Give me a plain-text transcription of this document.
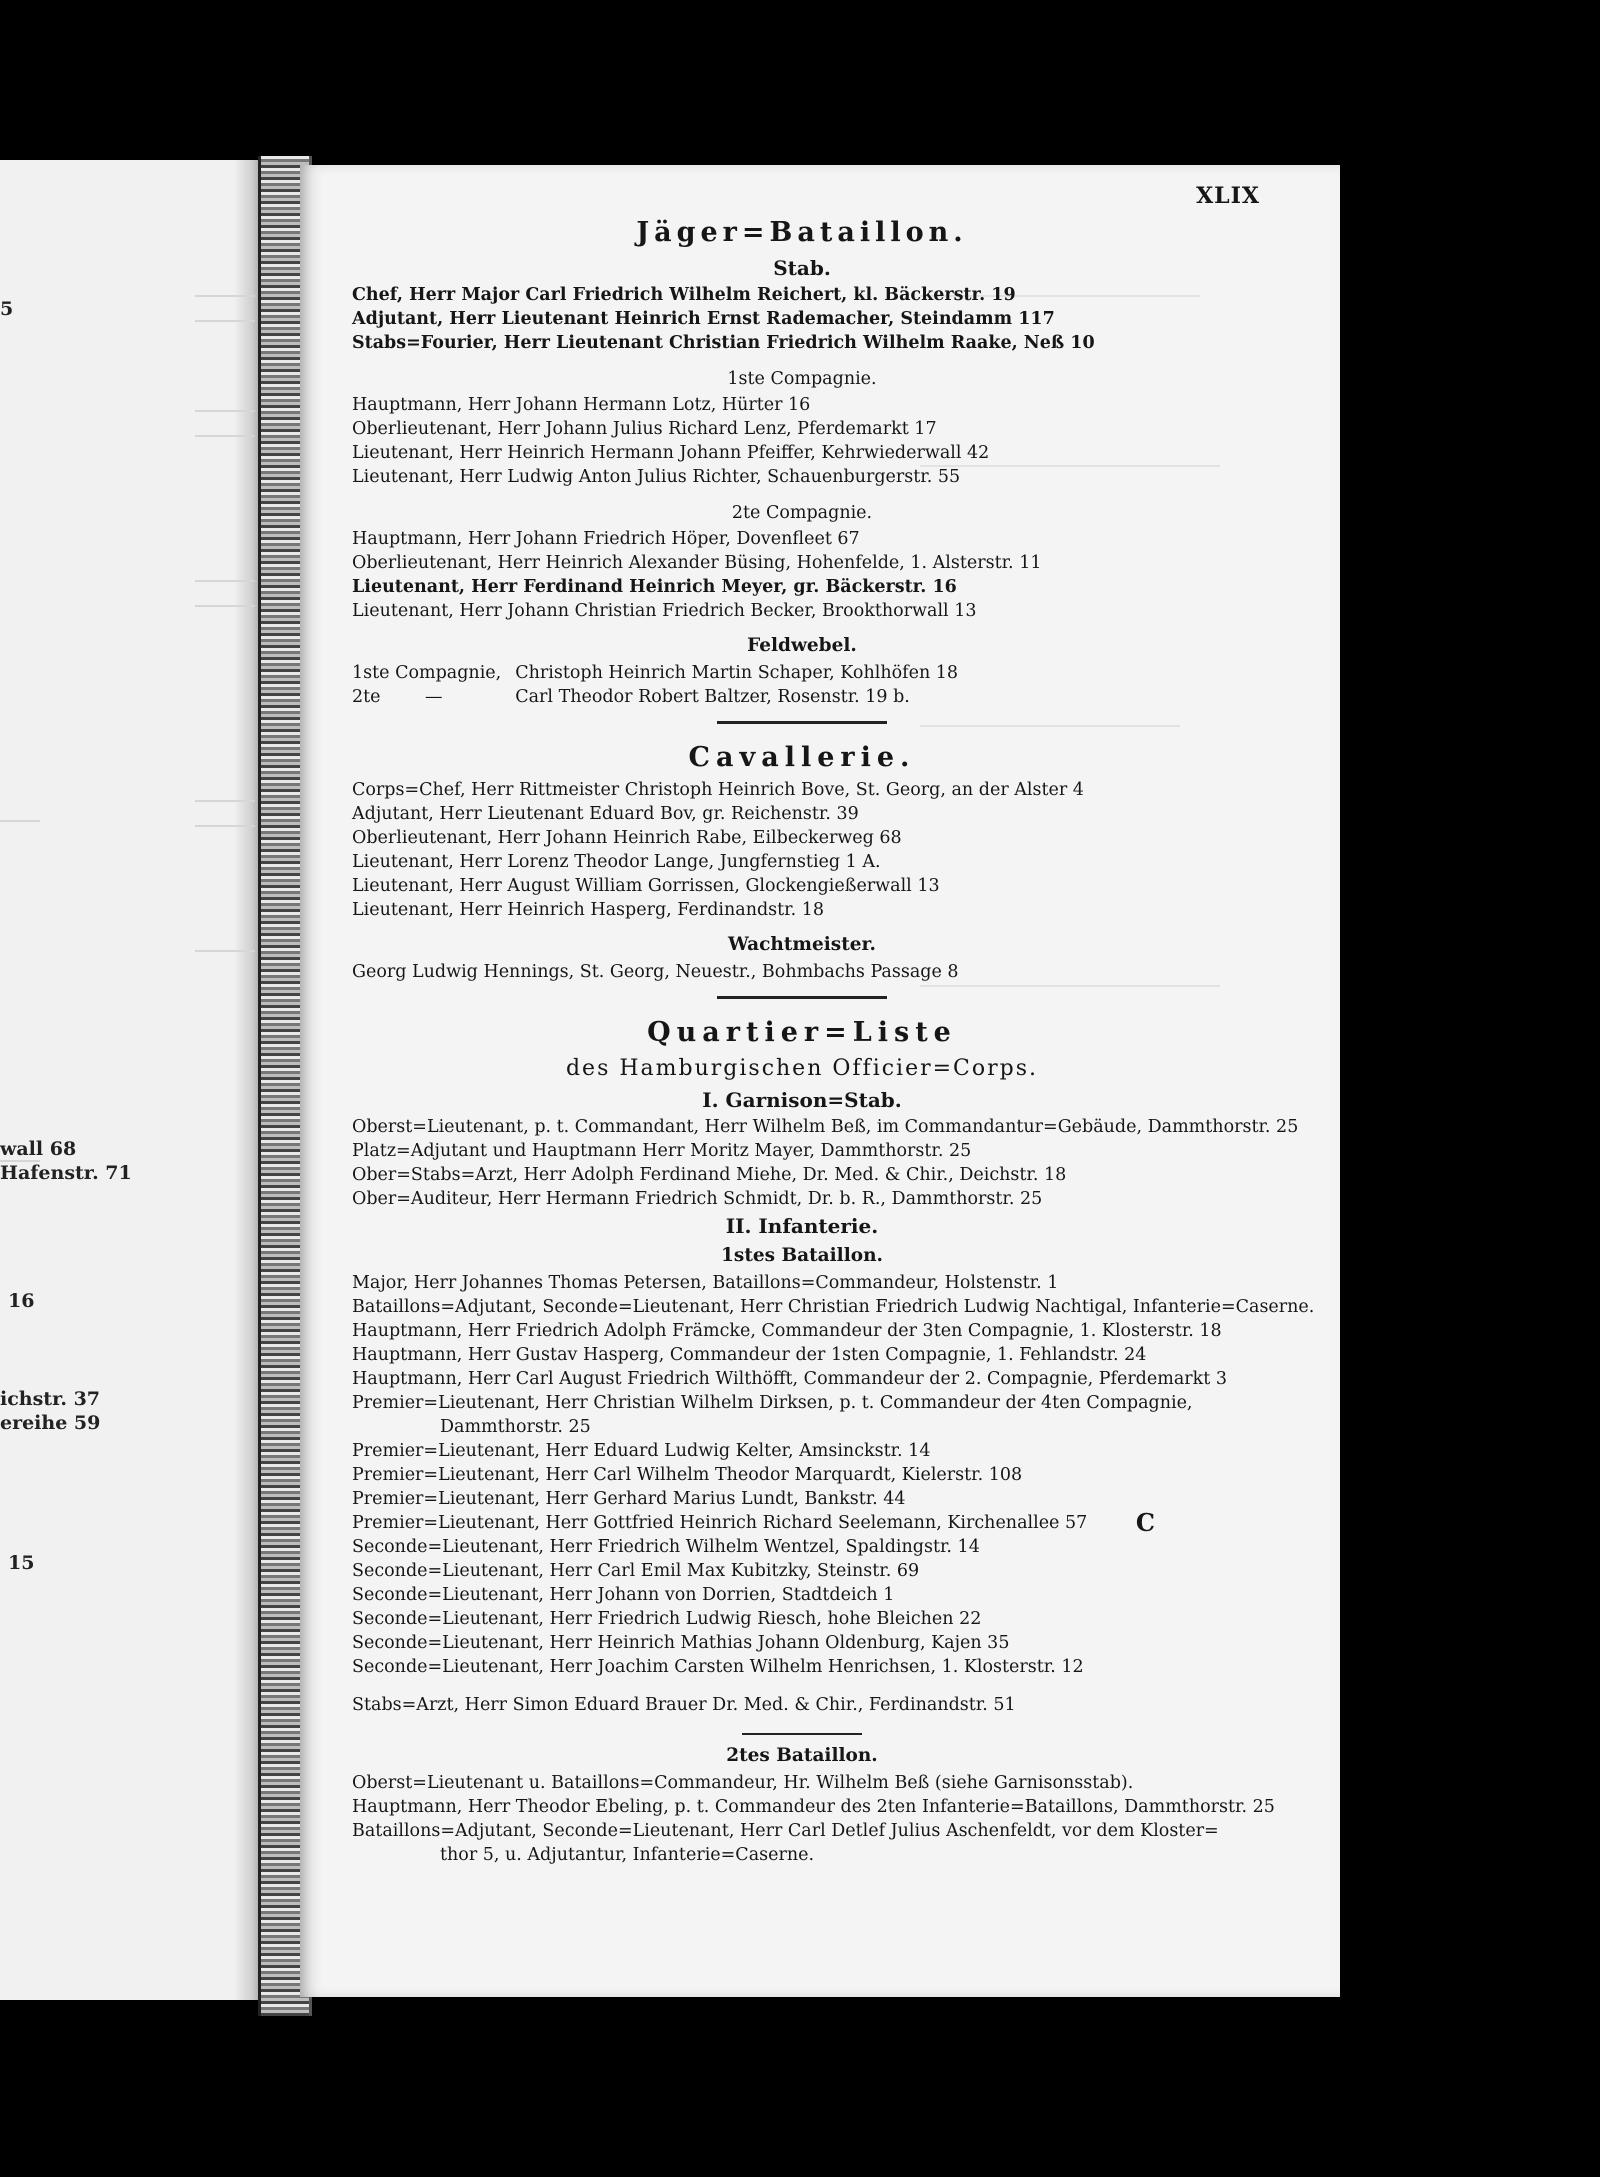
5
wall 68
Hafenstr. 71
16
ichstr. 37
ereihe 59
15
XLIX
Jäger=Bataillon.
Stab.
Chef, Herr Major Carl Friedrich Wilhelm Reichert, kl. Bäckerstr. 19
Adjutant, Herr Lieutenant Heinrich Ernst Rademacher, Steindamm 117
Stabs=Fourier, Herr Lieutenant Christian Friedrich Wilhelm Raake, Neß 10
1ste Compagnie.
Hauptmann, Herr Johann Hermann Lotz, Hürter 16
Oberlieutenant, Herr Johann Julius Richard Lenz, Pferdemarkt 17
Lieutenant, Herr Heinrich Hermann Johann Pfeiffer, Kehrwiederwall 42
Lieutenant, Herr Ludwig Anton Julius Richter, Schauenburgerstr. 55
2te Compagnie.
Hauptmann, Herr Johann Friedrich Höper, Dovenfleet 67
Oberlieutenant, Herr Heinrich Alexander Büsing, Hohenfelde, 1. Alsterstr. 11
Lieutenant, Herr Ferdinand Heinrich Meyer, gr. Bäckerstr. 16
Lieutenant, Herr Johann Christian Friedrich Becker, Brookthorwall 13
Feldwebel.
1ste Compagnie,	Christoph Heinrich Martin Schaper, Kohlhöfen 18
2te        —	Carl Theodor Robert Baltzer, Rosenstr. 19 b.
Cavallerie.
Corps=Chef, Herr Rittmeister Christoph Heinrich Bove, St. Georg, an der Alster 4
Adjutant, Herr Lieutenant Eduard Bov, gr. Reichenstr. 39
Oberlieutenant, Herr Johann Heinrich Rabe, Eilbeckerweg 68
Lieutenant, Herr Lorenz Theodor Lange, Jungfernstieg 1 A.
Lieutenant, Herr August William Gorrissen, Glockengießerwall 13
Lieutenant, Herr Heinrich Hasperg, Ferdinandstr. 18
Wachtmeister.
Georg Ludwig Hennings, St. Georg, Neuestr., Bohmbachs Passage 8
Quartier=Liste
des Hamburgischen Officier=Corps.
I. Garnison=Stab.
Oberst=Lieutenant, p. t. Commandant, Herr Wilhelm Beß, im Commandantur=Gebäude, Dammthorstr. 25
Platz=Adjutant und Hauptmann Herr Moritz Mayer, Dammthorstr. 25
Ober=Stabs=Arzt, Herr Adolph Ferdinand Miehe, Dr. Med. & Chir., Deichstr. 18
Ober=Auditeur, Herr Hermann Friedrich Schmidt, Dr. b. R., Dammthorstr. 25
II. Infanterie.
1stes Bataillon.
Major, Herr Johannes Thomas Petersen, Bataillons=Commandeur, Holstenstr. 1
Bataillons=Adjutant, Seconde=Lieutenant, Herr Christian Friedrich Ludwig Nachtigal, Infanterie=Caserne.
Hauptmann, Herr Friedrich Adolph Främcke, Commandeur der 3ten Compagnie, 1. Klosterstr. 18
Hauptmann, Herr Gustav Hasperg, Commandeur der 1sten Compagnie, 1. Fehlandstr. 24
Hauptmann, Herr Carl August Friedrich Wilthöfft, Commandeur der 2. Compagnie, Pferdemarkt 3
Premier=Lieutenant, Herr Christian Wilhelm Dirksen, p. t. Commandeur der 4ten Compagnie,
Dammthorstr. 25
Premier=Lieutenant, Herr Eduard Ludwig Kelter, Amsinckstr. 14
Premier=Lieutenant, Herr Carl Wilhelm Theodor Marquardt, Kielerstr. 108
Premier=Lieutenant, Herr Gerhard Marius Lundt, Bankstr. 44
Premier=Lieutenant, Herr Gottfried Heinrich Richard Seelemann, Kirchenallee 57
Seconde=Lieutenant, Herr Friedrich Wilhelm Wentzel, Spaldingstr. 14
Seconde=Lieutenant, Herr Carl Emil Max Kubitzky, Steinstr. 69
Seconde=Lieutenant, Herr Johann von Dorrien, Stadtdeich 1
Seconde=Lieutenant, Herr Friedrich Ludwig Riesch, hohe Bleichen 22
Seconde=Lieutenant, Herr Heinrich Mathias Johann Oldenburg, Kajen 35
Seconde=Lieutenant, Herr Joachim Carsten Wilhelm Henrichsen, 1. Klosterstr. 12
Stabs=Arzt, Herr Simon Eduard Brauer Dr. Med. & Chir., Ferdinandstr. 51
2tes Bataillon.
Oberst=Lieutenant u. Bataillons=Commandeur, Hr. Wilhelm Beß (siehe Garnisonsstab).
Hauptmann, Herr Theodor Ebeling, p. t. Commandeur des 2ten Infanterie=Bataillons, Dammthorstr. 25
Bataillons=Adjutant, Seconde=Lieutenant, Herr Carl Detlef Julius Aschenfeldt, vor dem Kloster=
thor 5, u. Adjutantur, Infanterie=Caserne.
C
